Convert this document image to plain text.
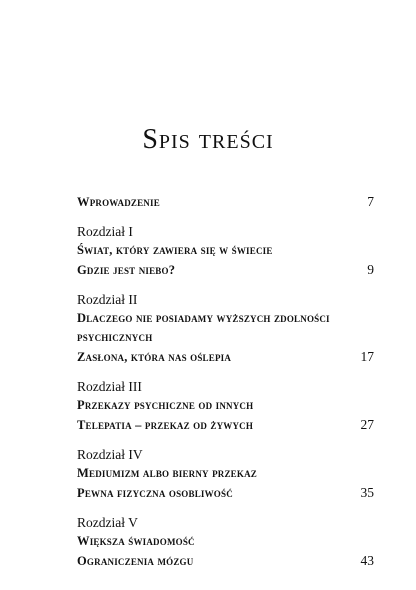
Spis treści
Wprowadzenie	7
Rozdział I
Świat, który zawiera się w świecie
Gdzie jest niebo?	9
Rozdział II
Dlaczego nie posiadamy wyższych zdolności
psychicznych
Zasłona, która nas oślepia	17
Rozdział III
Przekazy psychiczne od innych
Telepatia – przekaz od żywych	27
Rozdział IV
Mediumizm albo bierny przekaz
Pewna fizyczna osobliwość	35
Rozdział V
Większa świadomość
Ograniczenia mózgu	43
